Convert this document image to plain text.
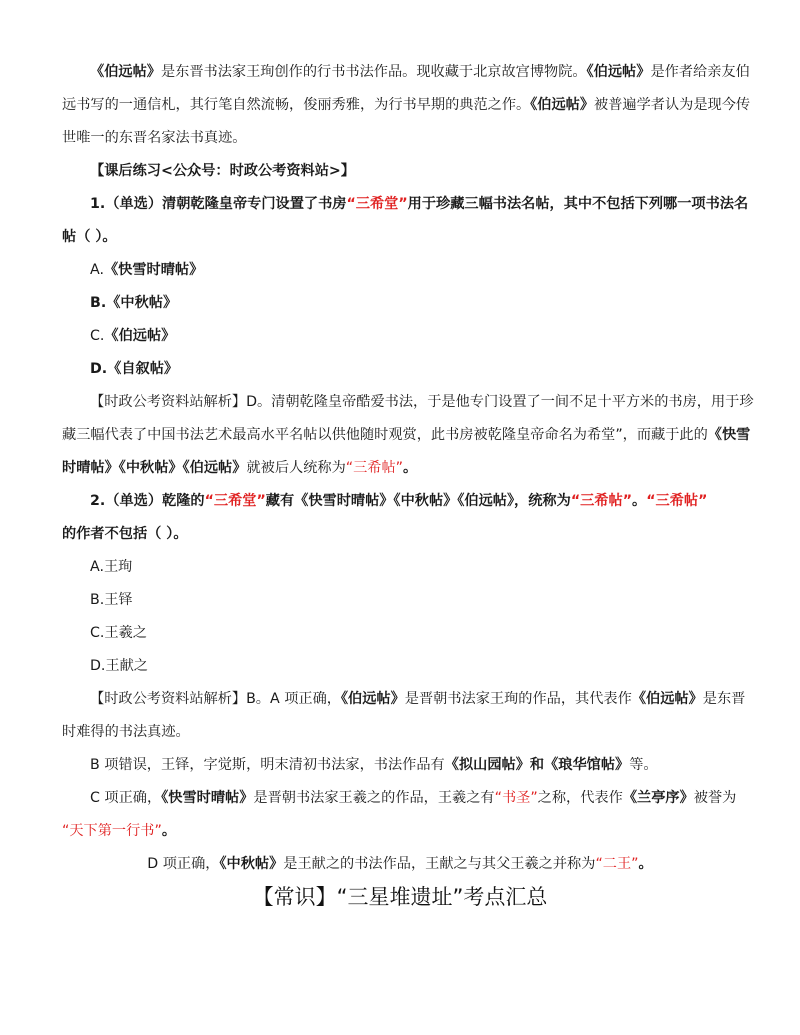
《伯远帖》是东晋书法家王珣创作的行书书法作品。现收藏于北京故宫博物院。《伯远帖》是作者给亲友伯
远书写的一通信札，其行笔自然流畅，俊丽秀雅，为行书早期的典范之作。《伯远帖》被普遍学者认为是现今传
世唯一的东晋名家法书真迹。
【课后练习<公众号：时政公考资料站>】
1.（单选）清朝乾隆皇帝专门设置了书房“三希堂”用于珍藏三幅书法名帖，其中不包括下列哪一项书法名
帖（ ）。
A.《快雪时晴帖》
B.《中秋帖》
C.《伯远帖》
D.《自叙帖》
【时政公考资料站解析】D。清朝乾隆皇帝酷爱书法，于是他专门设置了一间不足十平方米的书房，用于珍
藏三幅代表了中国书法艺术最高水平名帖以供他随时观赏，此书房被乾隆皇帝命名为希堂”，而藏于此的《快雪
时晴帖》《中秋帖》《伯远帖》就被后人统称为“三希帖”。
2.（单选）乾隆的“三希堂”藏有《快雪时晴帖》《中秋帖》《伯远帖》，统称为“三希帖”。“三希帖”
的作者不包括（ ）。
A.王珣
B.王铎
C.王羲之
D.王献之
【时政公考资料站解析】B。A 项正确，《伯远帖》是晋朝书法家王珣的作品，其代表作《伯远帖》是东晋
时难得的书法真迹。
B 项错误，王铎，字觉斯，明末清初书法家，书法作品有《拟山园帖》和《琅华馆帖》等。
C 项正确，《快雪时晴帖》是晋朝书法家王羲之的作品，王羲之有“书圣”之称，代表作《兰亭序》被誉为
“天下第一行书”。
D 项正确，《中秋帖》是王献之的书法作品，王献之与其父王羲之并称为“二王”。
【常识】“三星堆遗址”考点汇总
